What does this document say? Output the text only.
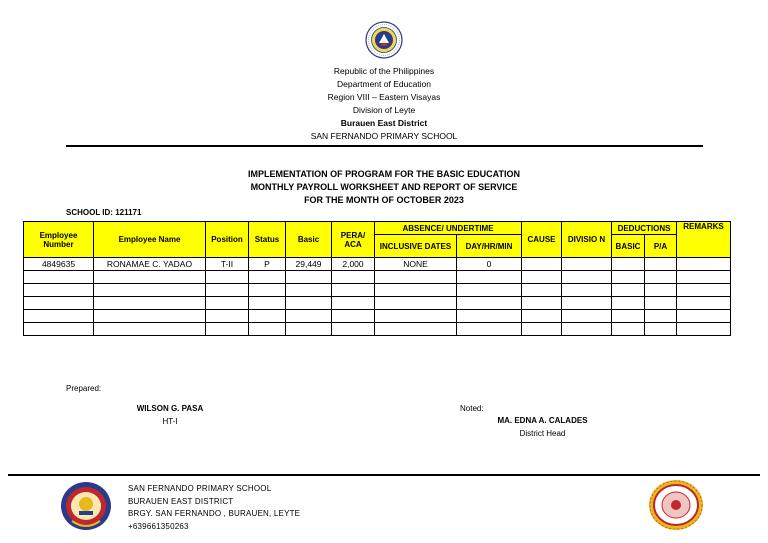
Republic of the Philippines
Department of Education
Region VIII – Eastern Visayas
Division of Leyte
Burauen East District
SAN FERNANDO PRIMARY SCHOOL
IMPLEMENTATION OF PROGRAM FOR THE BASIC EDUCATION
MONTHLY PAYROLL WORKSHEET AND REPORT OF SERVICE
FOR THE MONTH OF OCTOBER 2023
SCHOOL ID: 121171
Employee Number	Employee Name	Position	Status	Basic	PERA/ ACA	ABSENCE/ UNDERTIME		CAUSE	DIVISIO N	DEDUCTIONS		REMARKS
						INCLUSIVE DATES	DAY/HR/MIN			BASIC	P/A	
4849635	RONAMAE C. YADAO	T-II	P	29,449	2,000	NONE	0					

Prepared:
WILSON G. PASA
HT-I
Noted:
MA. EDNA A. CALADES
District Head
SAN FERNANDO PRIMARY SCHOOL
BURAUEN EAST DISTRICT
BRGY. SAN FERNANDO , BURAUEN, LEYTE
+639661350263
